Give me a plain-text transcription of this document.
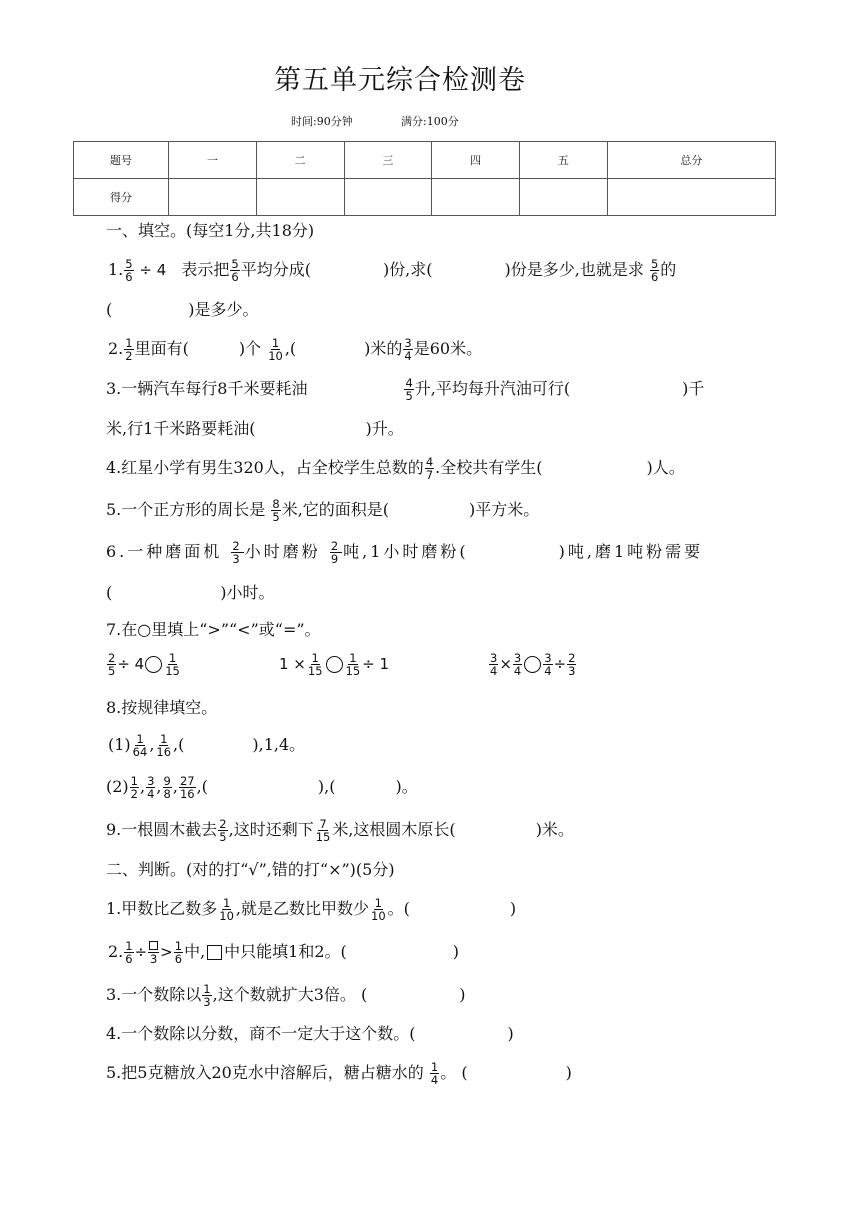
第五单元综合检测卷
时间:90分钟	满分:100分
题号	一	二	三	四	五	总分
得分						
一、填空。(每空1分,共18分)
1. $\frac{5}{6} \div 4$ 表示把 $\frac{5}{6}$ 平均分成(	)份,求(	)份是多少,也就是求 $\frac{5}{6}$ 的
(	)是多少。
2. $\frac{1}{2}$ 里面有(	)个 $\frac{1}{10}$ ,(	)米的 $\frac{3}{4}$ 是60米。
3.一辆汽车每行8千米要耗油	$\frac{4}{5}$ 升,平均每升汽油可行(	)千
米,行1千米路要耗油(	)升。
4.红星小学有男生320人，占全校学生总数的 $\frac{4}{7}$ .全校共有学生(	)人。
5.一个正方形的周长是 $\frac{8}{5}$ 米,它的面积是(	)平方米。
6.一种磨面机 $\frac{2}{3}$ 小时磨粉 $\frac{2}{9}$ 吨,1小时磨粉(	)吨,磨1吨粉需要
(	)小时。
7.在○里填上“>”“<”或“=”。
$\frac{2}{5} \div 4 \frac{1}{15}$	$1 \times \frac{1}{15} \frac{1}{15} \div 1$	$\frac{3}{4} \times \frac{3}{4} \frac{3}{4} \div \frac{2}{3}$
8.按规律填空。
$(1) \frac{1}{64}$ , $\frac{1}{16}$ ,(	),1,4。
$(2) \frac{1}{2}$ , $\frac{3}{4}$ , $\frac{9}{8}$ , $\frac{27}{16}$ ,(	),(	)。
9.一根圆木截去 $\frac{2}{5}$ ,这时还剩下 $\frac{7}{15}$ 米,这根圆木原长(	)米。
二、判断。(对的打“√”,错的打“×”)(5分)
1.甲数比乙数多 $\frac{1}{10}$ ,就是乙数比甲数少 $\frac{1}{10}$ 。(	)
2. $\frac{1}{6} \div 3 > \frac{1}{6}$ 中, 中只能填1和2。(	)
3.一个数除以 $\frac{1}{3}$ ,这个数就扩大3倍。 (	)
4.一个数除以分数，商不一定大于这个数。(	)
5.把5克糖放入20克水中溶解后，糖占糖水的 $\frac{1}{4}$ 。 (	)
